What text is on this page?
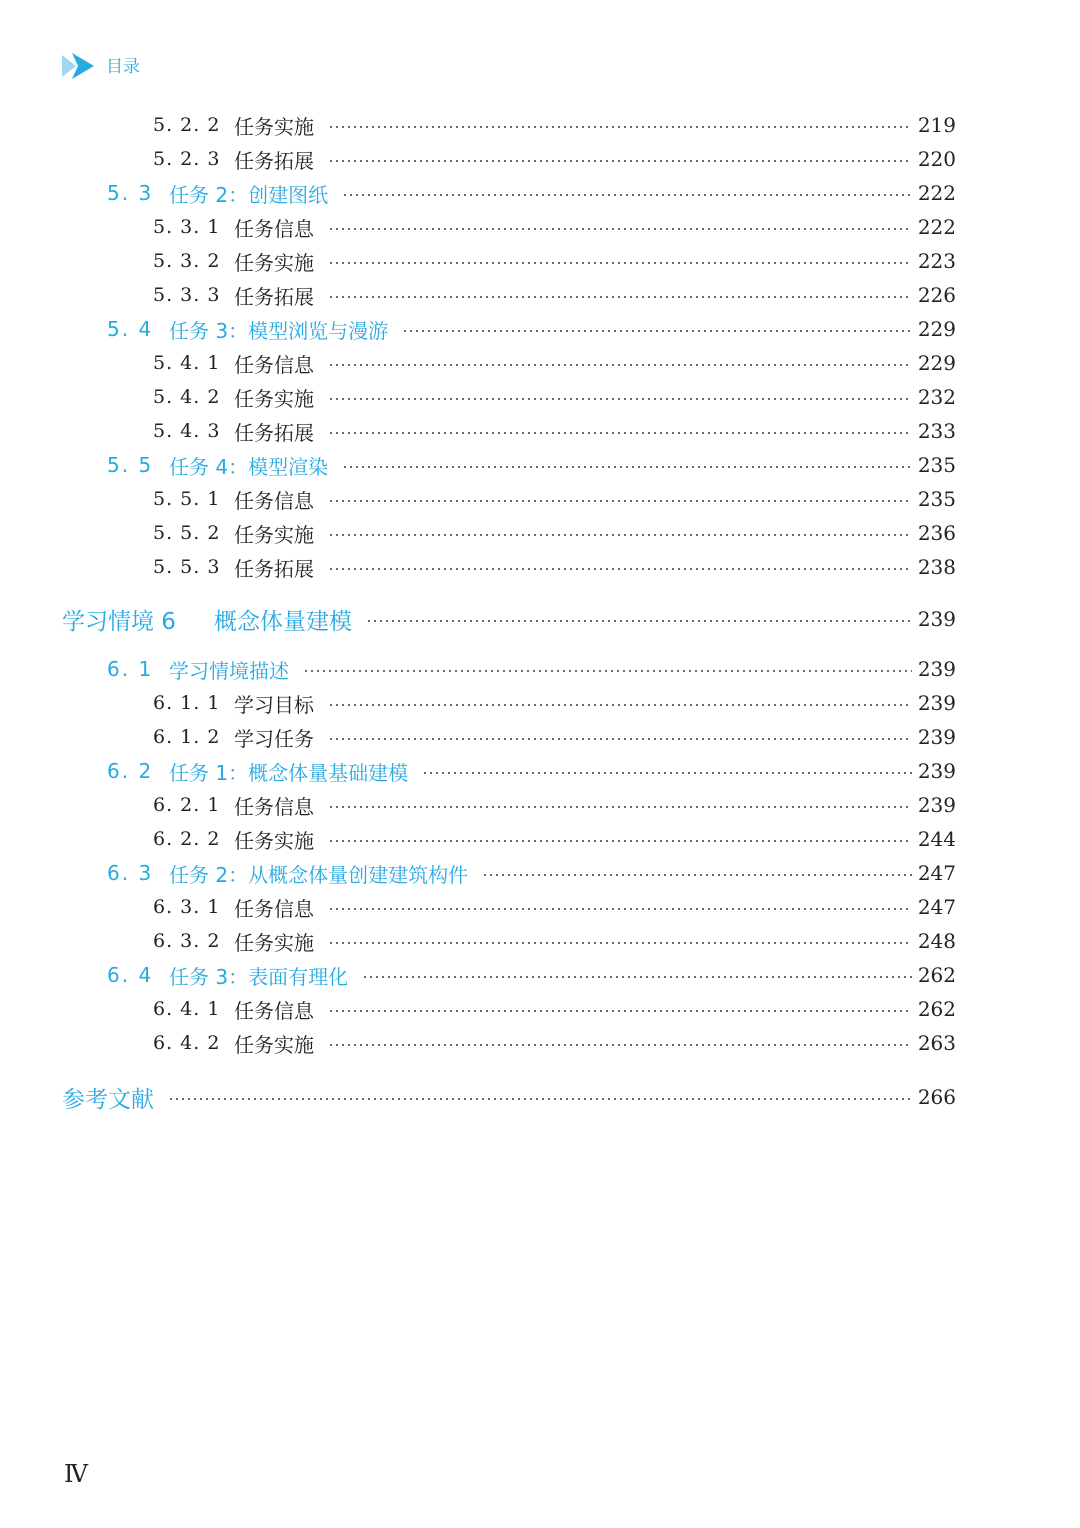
目录
5. 2. 2 任务实施	219
5. 2. 3 任务拓展	220
5. 3 任务 2：创建图纸	222
5. 3. 1 任务信息	222
5. 3. 2 任务实施	223
5. 3. 3 任务拓展	226
5. 4 任务 3：模型浏览与漫游	229
5. 4. 1 任务信息	229
5. 4. 2 任务实施	232
5. 4. 3 任务拓展	233
5. 5 任务 4：模型渲染	235
5. 5. 1 任务信息	235
5. 5. 2 任务实施	236
5. 5. 3 任务拓展	238
学习情境 6 概念体量建模	239
6. 1 学习情境描述	239
6. 1. 1 学习目标	239
6. 1. 2 学习任务	239
6. 2 任务 1：概念体量基础建模	239
6. 2. 1 任务信息	239
6. 2. 2 任务实施	244
6. 3 任务 2：从概念体量创建建筑构件	247
6. 3. 1 任务信息	247
6. 3. 2 任务实施	248
6. 4 任务 3：表面有理化	262
6. 4. 1 任务信息	262
6. 4. 2 任务实施	263
参考文献	266
Ⅳ
